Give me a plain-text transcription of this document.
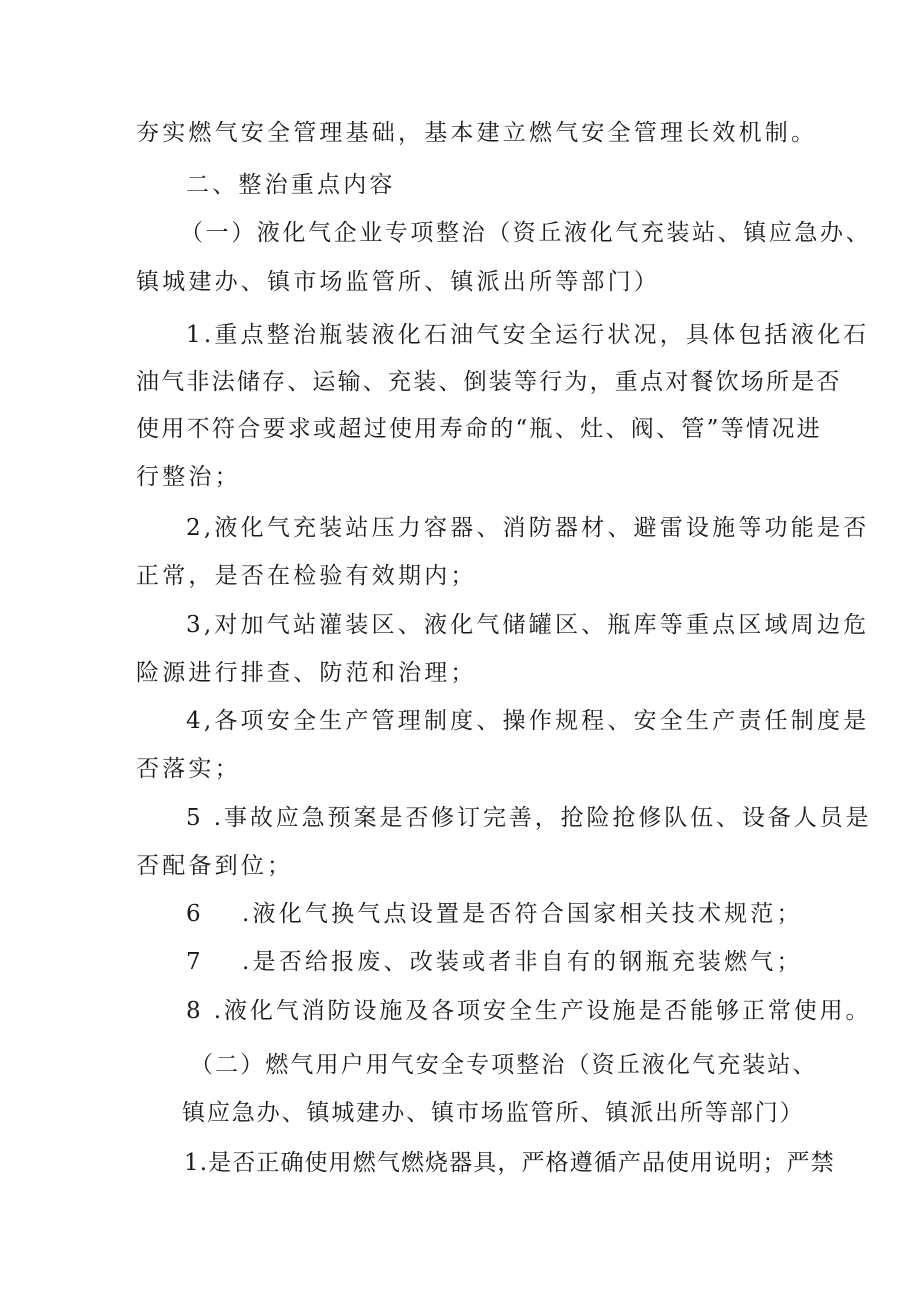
夯实燃气安全管理基础，基本建立燃气安全管理长效机制。
二、整治重点内容
（一）液化气企业专项整治（资丘液化气充装站、镇应急办、
镇城建办、镇市场监管所、镇派出所等部门）
1.重点整治瓶装液化石油气安全运行状况，具体包括液化石
油气非法储存、运输、充装、倒装等行为，重点对餐饮场所是否
使用不符合要求或超过使用寿命的“瓶、灶、阀、管”等情况进
行整治；
2,液化气充装站压力容器、消防器材、避雷设施等功能是否
正常，是否在检验有效期内；
3,对加气站灌装区、液化气储罐区、瓶库等重点区域周边危
险源进行排查、防范和治理；
4,各项安全生产管理制度、操作规程、安全生产责任制度是
否落实；
5 .事故应急预案是否修订完善，抢险抢修队伍、设备人员是
否配备到位；
6 .液化气换气点设置是否符合国家相关技术规范；
7 .是否给报废、改装或者非自有的钢瓶充装燃气；
8 .液化气消防设施及各项安全生产设施是否能够正常使用。
（二）燃气用户用气安全专项整治（资丘液化气充装站、
镇应急办、镇城建办、镇市场监管所、镇派出所等部门）
1.是否正确使用燃气燃烧器具，严格遵循产品使用说明；严禁
